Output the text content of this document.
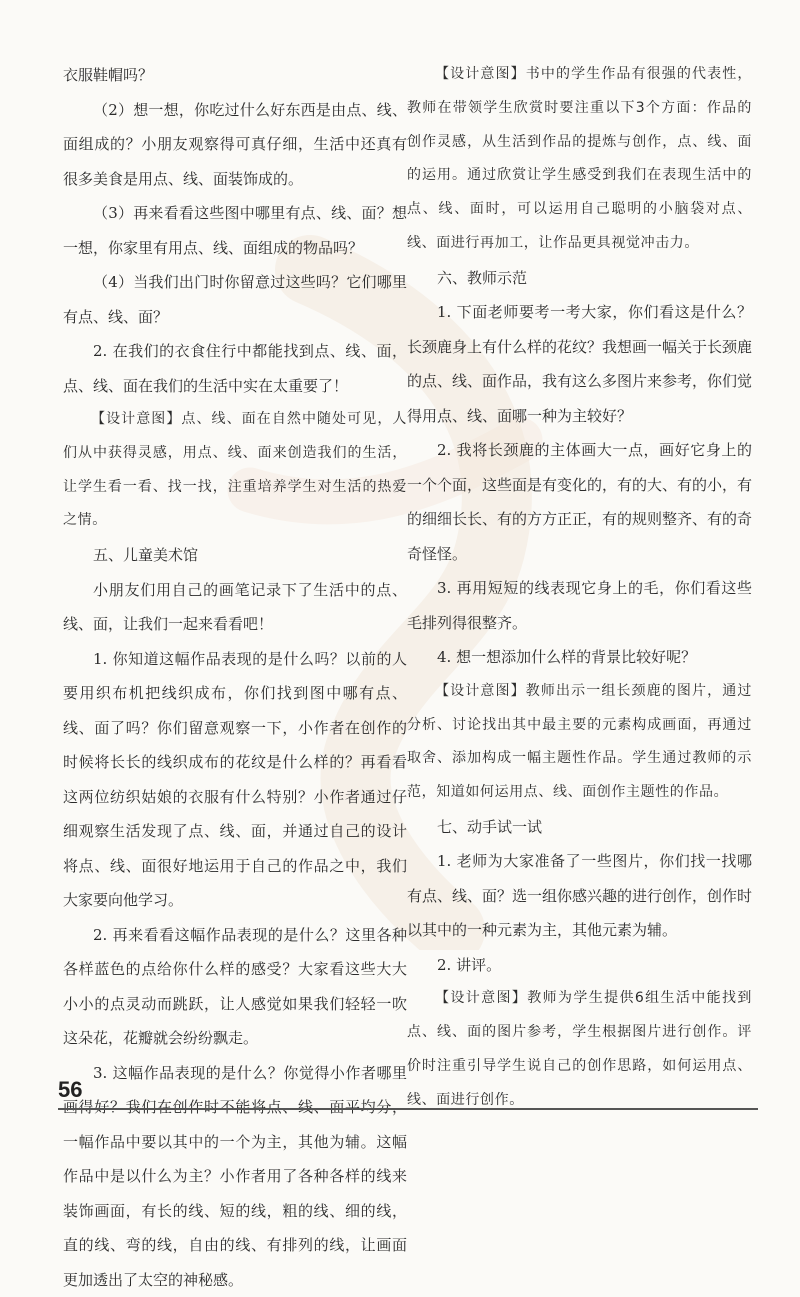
衣服鞋帽吗？

（2）想一想，你吃过什么好东西是由点、线、面组成的？小朋友观察得可真仔细，生活中还真有很多美食是用点、线、面装饰成的。

（3）再来看看这些图中哪里有点、线、面？想一想，你家里有用点、线、面组成的物品吗？

（4）当我们出门时你留意过这些吗？它们哪里有点、线、面？

2. 在我们的衣食住行中都能找到点、线、面，点、线、面在我们的生活中实在太重要了！

【设计意图】点、线、面在自然中随处可见，人们从中获得灵感，用点、线、面来创造我们的生活，让学生看一看、找一找，注重培养学生对生活的热爱之情。

五、儿童美术馆

小朋友们用自己的画笔记录下了生活中的点、线、面，让我们一起来看看吧！

1. 你知道这幅作品表现的是什么吗？以前的人要用织布机把线织成布，你们找到图中哪有点、线、面了吗？你们留意观察一下，小作者在创作的时候将长长的线织成布的花纹是什么样的？再看看这两位纺织姑娘的衣服有什么特别？小作者通过仔细观察生活发现了点、线、面，并通过自己的设计将点、线、面很好地运用于自己的作品之中，我们大家要向他学习。

2. 再来看看这幅作品表现的是什么？这里各种各样蓝色的点给你什么样的感受？大家看这些大大小小的点灵动而跳跃，让人感觉如果我们轻轻一吹这朵花，花瓣就会纷纷飘走。

3. 这幅作品表现的是什么？你觉得小作者哪里 一幅作品中要以其中的一个为主，其他为辅。这幅作品中是以什么为主？小作者用了各种各样的线来装饰画面，有长的线、短的线，粗的线、细的线，直的线、弯的线，自由的线、有排列的线，让画面更加透出了太空的神秘感。

【设计意图】书中的学生作品有很强的代表性，教师在带领学生欣赏时要注重以下3个方面：作品的创作灵感，从生活到作品的提炼与创作，点、线、面的运用。通过欣赏让学生感受到我们在表现生活中的点、线、面时，可以运用自己聪明的小脑袋对点、线、面进行再加工，让作品更具视觉冲击力。

六、教师示范

1. 下面老师要考一考大家，你们看这是什么？长颈鹿身上有什么样的花纹？我想画一幅关于长颈鹿的点、线、面作品，我有这么多图片来参考，你们觉得用点、线、面哪一种为主较好？

2. 我将长颈鹿的主体画大一点，画好它身上的一个个面，这些面是有变化的，有的大、有的小，有的细细长长、有的方方正正，有的规则整齐、有的奇奇怪怪。

3. 再用短短的线表现它身上的毛，你们看这些毛排列得很整齐。

4. 想一想添加什么样的背景比较好呢？

【设计意图】教师出示一组长颈鹿的图片，通过分析、讨论找出其中最主要的元素构成画面，再通过取舍、添加构成一幅主题性作品。学生通过教师的示范，知道如何运用点、线、面创作主题性的作品。

七、动手试一试

1. 老师为大家准备了一些图片，你们找一找哪有点、线、面？选一组你感兴趣的进行创作，创作时以其中的一种元素为主，其他元素为辅。

2. 讲评。

【设计意图】教师为学生提供6组生活中能找到点、线、面的图片参考，学生根据图片进行创作。评价时注重引导学生说自己的创作思路，如何运用点、线、面进行创作。

56
